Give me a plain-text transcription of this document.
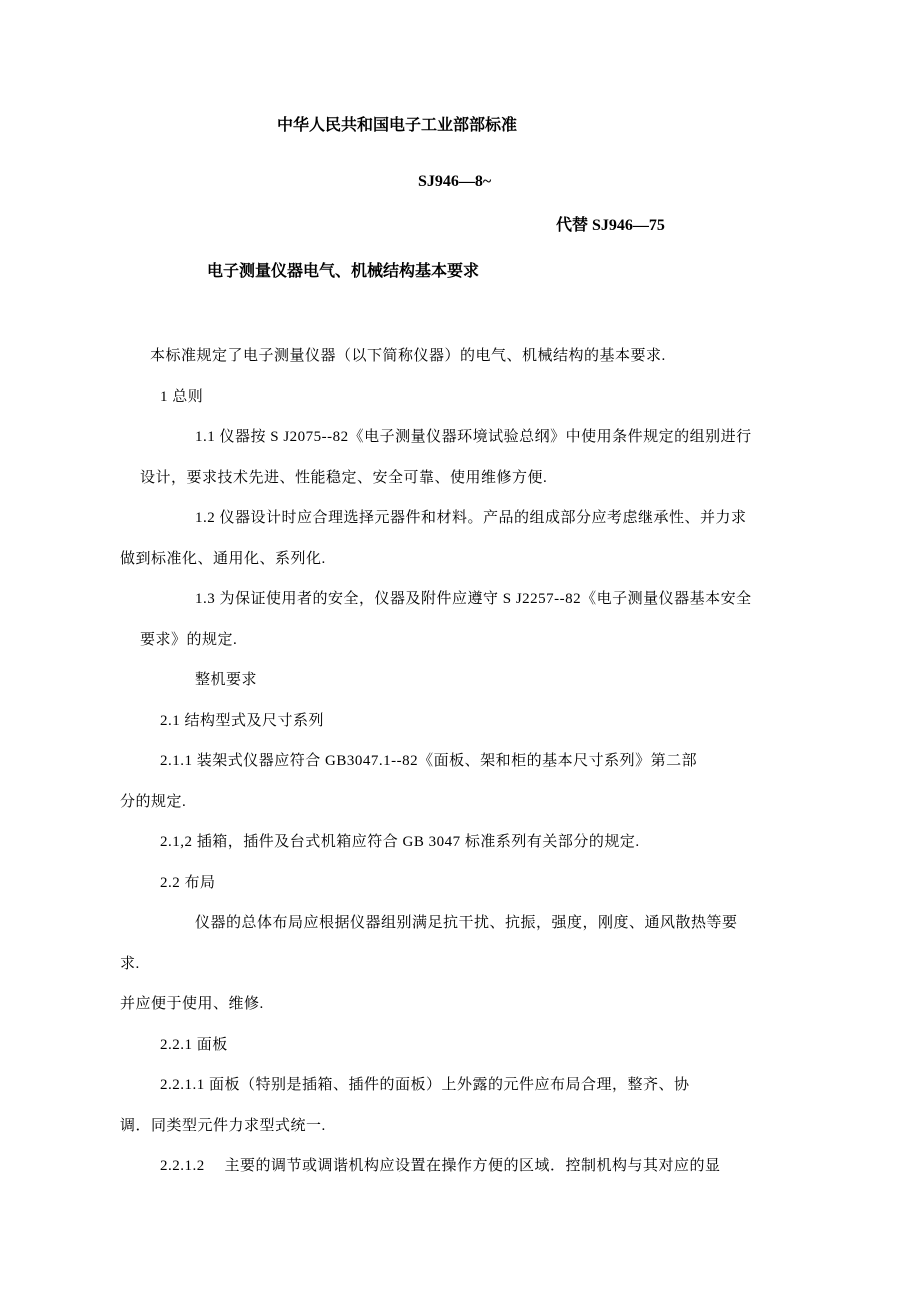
中华人民共和国电子工业部部标准
SJ946—8~
代替 SJ946—75
电子测量仪器电气、机械结构基本要求
本标准规定了电子测量仪器（以下简称仪器）的电气、机械结构的基本要求.
1 总则
1.1 仪器按 S J2075--82《电子测量仪器环境试验总纲》中使用条件规定的组别进行
设计，要求技术先进、性能稳定、安全可靠、使用维修方便.
1.2 仪器设计时应合理选择元器件和材料。产品的组成部分应考虑继承性、并力求
做到标准化、通用化、系列化.
1.3 为保证使用者的安全，仪器及附件应遵守 S J2257--82《电子测量仪器基本安全
要求》的规定.
整机要求
2.1 结构型式及尺寸系列
2.1.1 装架式仪器应符合 GB3047.1--82《面板、架和柜的基本尺寸系列》第二部
分的规定.
2.1,2 插箱，插件及台式机箱应符合 GB 3047 标准系列有关部分的规定.
2.2 布局
仪器的总体布局应根据仪器组别满足抗干扰、抗振，强度，刚度、通风散热等要
求.
并应便于使用、维修.
2.2.1 面板
2.2.1.1 面板（特别是插箱、插件的面板）上外露的元件应布局合理，整齐、协
调．同类型元件力求型式统一.
2.2.1.2 　主要的调节或调谐机构应设置在操作方便的区域．控制机构与其对应的显
